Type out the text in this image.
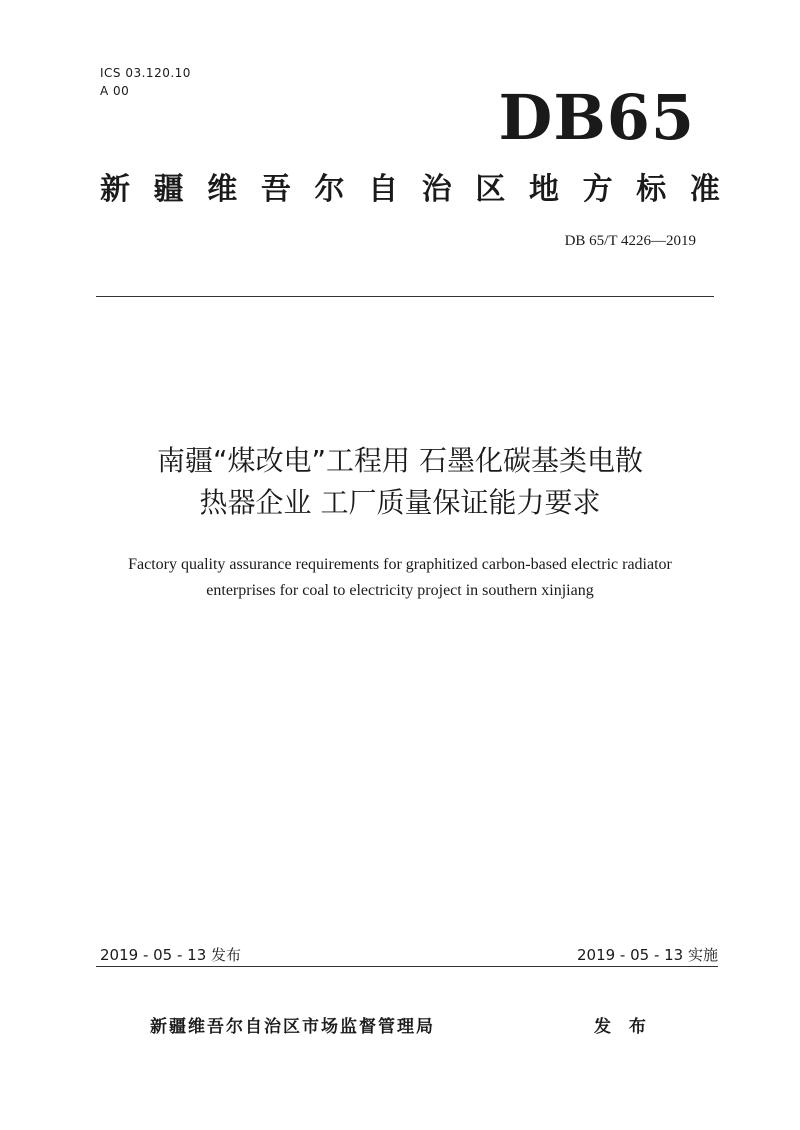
ICS 03.120.10
A 00	DB65
新 疆 维 吾 尔 自 治 区 地 方 标 准
DB 65/T 4226—2019
南疆“煤改电”工程用 石墨化碳基类电散
热器企业 工厂质量保证能力要求
Factory quality assurance requirements for graphitized carbon-based electric radiator
enterprises for coal to electricity project in southern xinjiang
2019 - 05 - 13 发布	2019 - 05 - 13 实施
新疆维吾尔自治区市场监督管理局	发 布
